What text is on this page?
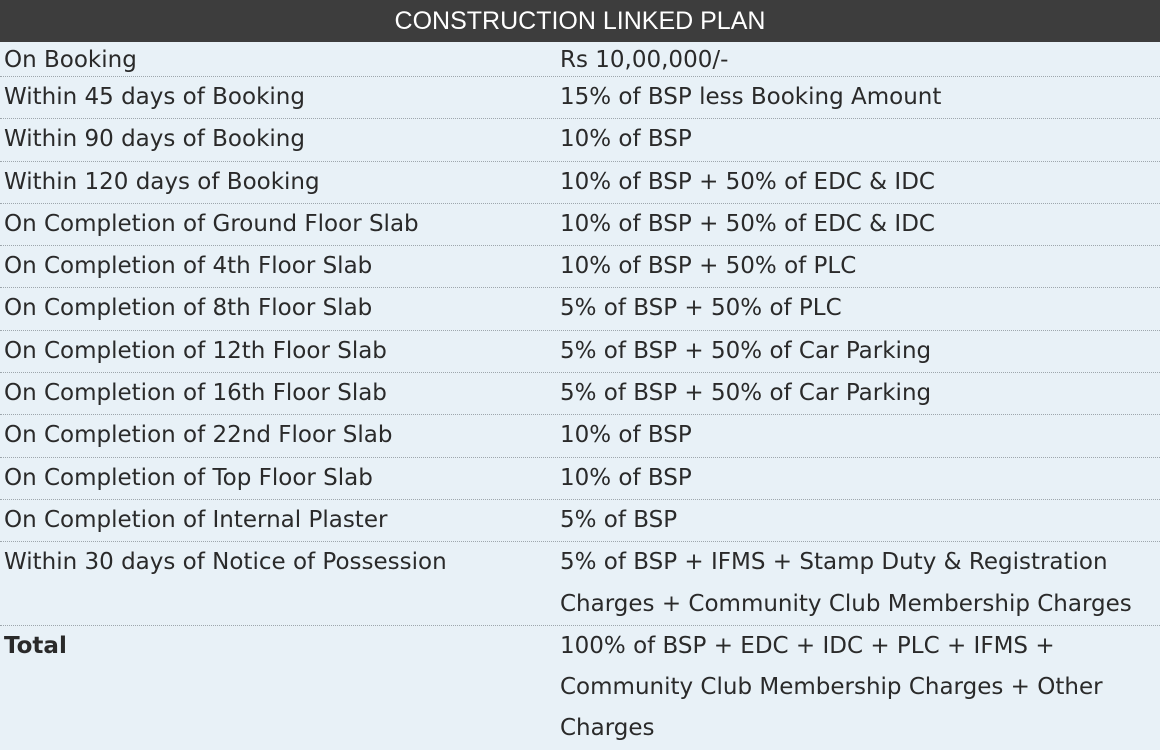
CONSTRUCTION LINKED PLAN
On Booking	Rs 10,00,000/-
Within 45 days of Booking	15% of BSP less Booking Amount
Within 90 days of Booking	10% of BSP
Within 120 days of Booking	10% of BSP + 50% of EDC & IDC
On Completion of Ground Floor Slab	10% of BSP + 50% of EDC & IDC
On Completion of 4th Floor Slab	10% of BSP + 50% of PLC
On Completion of 8th Floor Slab	5% of BSP + 50% of PLC
On Completion of 12th Floor Slab	5% of BSP + 50% of Car Parking
On Completion of 16th Floor Slab	5% of BSP + 50% of Car Parking
On Completion of 22nd Floor Slab	10% of BSP
On Completion of Top Floor Slab	10% of BSP
On Completion of Internal Plaster	5% of BSP
Within 30 days of Notice of Possession	5% of BSP + IFMS + Stamp Duty & Registration Charges + Community Club Membership Charges
Total	100% of BSP + EDC + IDC + PLC + IFMS + Community Club Membership Charges + Other Charges
